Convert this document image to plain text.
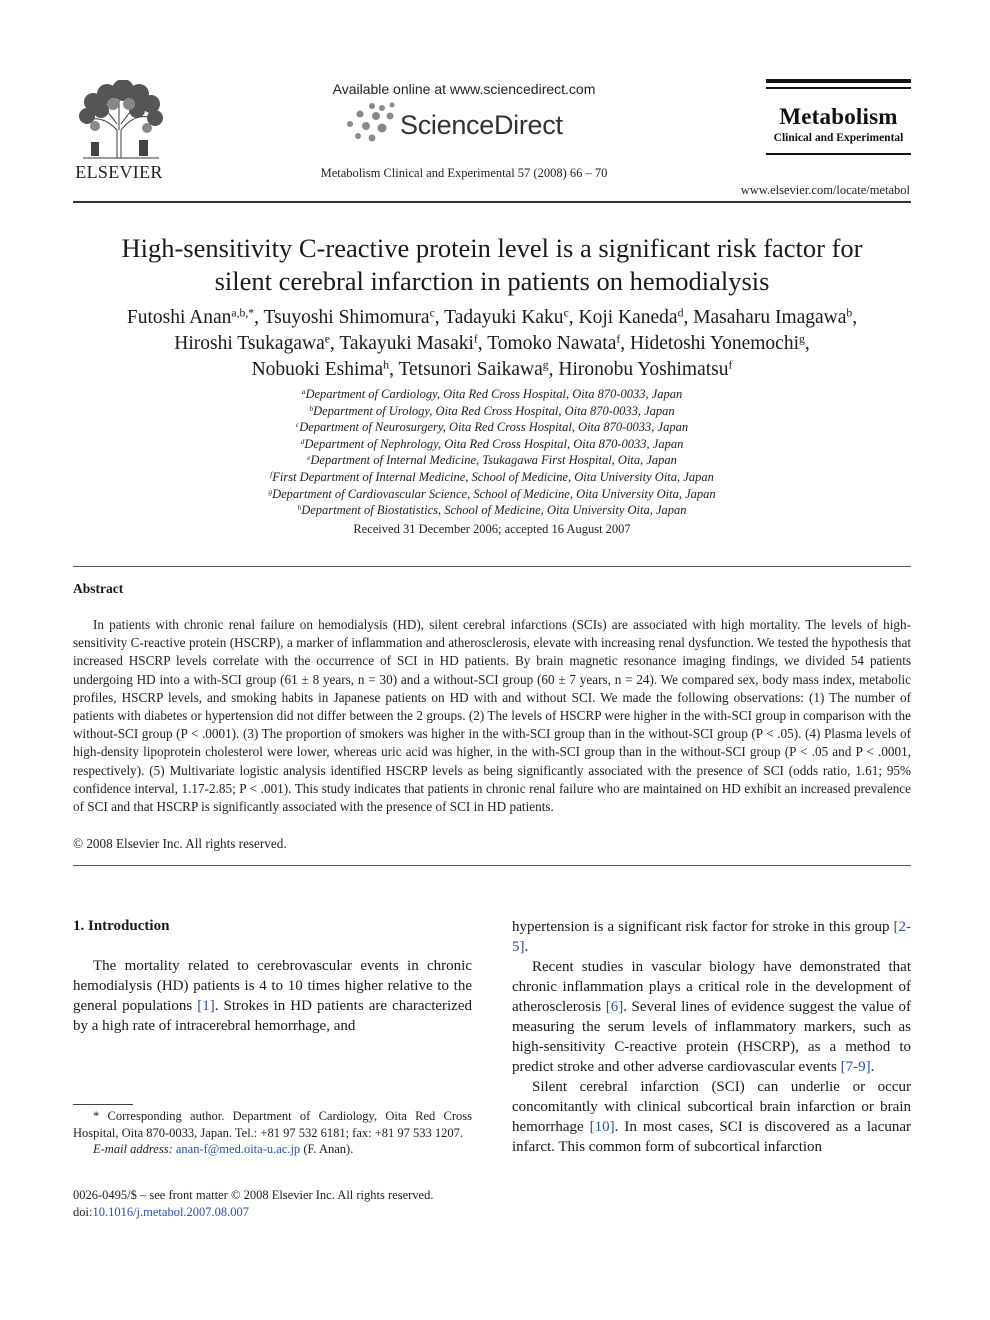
ELSEVIER
Available online at www.sciencedirect.com
ScienceDirect
Metabolism Clinical and Experimental 57 (2008) 66 – 70
Metabolism
Clinical and Experimental
www.elsevier.com/locate/metabol
High-sensitivity C-reactive protein level is a significant risk factor for
silent cerebral infarction in patients on hemodialysis
Futoshi Anan$^{a,b,*}$, Tsuyoshi Shimomura$^c$, Tadayuki Kaku$^c$, Koji Kaneda$^d$, Masaharu Imagawa$^b$,
Hiroshi Tsukagawa$^e$, Takayuki Masaki$^f$, Tomoko Nawata$^f$, Hidetoshi Yonemochi$^g$,
Nobuoki Eshima$^h$, Tetsunori Saikawa$^g$, Hironobu Yoshimatsu$^f$
$^a$Department of Cardiology, Oita Red Cross Hospital, Oita 870-0033, Japan
$^b$Department of Urology, Oita Red Cross Hospital, Oita 870-0033, Japan
$^c$Department of Neurosurgery, Oita Red Cross Hospital, Oita 870-0033, Japan
$^d$Department of Nephrology, Oita Red Cross Hospital, Oita 870-0033, Japan
$^e$Department of Internal Medicine, Tsukagawa First Hospital, Oita, Japan
$^f$First Department of Internal Medicine, School of Medicine, Oita University Oita, Japan
$^g$Department of Cardiovascular Science, School of Medicine, Oita University Oita, Japan
$^h$Department of Biostatistics, School of Medicine, Oita University Oita, Japan
Received 31 December 2006; accepted 16 August 2007
Abstract

In patients with chronic renal failure on hemodialysis (HD), silent cerebral infarctions (SCIs) are associated with high mortality. The levels of high-sensitivity C-reactive protein (HSCRP), a marker of inflammation and atherosclerosis, elevate with increasing renal dysfunction. We tested the hypothesis that increased HSCRP levels correlate with the occurrence of SCI in HD patients. By brain magnetic resonance imaging findings, we divided 54 patients undergoing HD into a with-SCI group (61 ± 8 years, n = 30) and a without-SCI group (60 ± 7 years, n = 24). We compared sex, body mass index, metabolic profiles, HSCRP levels, and smoking habits in Japanese patients on HD with and without SCI. We made the following observations: (1) The number of patients with diabetes or hypertension did not differ between the 2 groups. (2) The levels of HSCRP were higher in the with-SCI group in comparison with the without-SCI group (P < .0001). (3) The proportion of smokers was higher in the with-SCI group than in the without-SCI group (P < .05). (4) Plasma levels of high-density lipoprotein cholesterol were lower, whereas uric acid was higher, in the with-SCI group than in the without-SCI group (P < .05 and P < .0001, respectively). (5) Multivariate logistic analysis identified HSCRP levels as being significantly associated with the presence of SCI (odds ratio, 1.61; 95% confidence interval, 1.17-2.85; P < .001). This study indicates that patients in chronic renal failure who are maintained on HD exhibit an increased prevalence of SCI and that HSCRP is significantly associated with the presence of SCI in HD patients.

© 2008 Elsevier Inc. All rights reserved.
1. Introduction

The mortality related to cerebrovascular events in chronic hemodialysis (HD) patients is 4 to 10 times higher relative to the general populations [1]. Strokes in HD patients are characterized by a high rate of intracerebral hemorrhage, and

hypertension is a significant risk factor for stroke in this group [2-5].

Recent studies in vascular biology have demonstrated that chronic inflammation plays a critical role in the development of atherosclerosis [6]. Several lines of evidence suggest the value of measuring the serum levels of inflammatory markers, such as high-sensitivity C-reactive protein (HSCRP), as a method to predict stroke and other adverse cardiovascular events [7-9].

Silent cerebral infarction (SCI) can underlie or occur concomitantly with clinical subcortical brain infarction or brain hemorrhage [10]. In most cases, SCI is discovered as a lacunar infarct. This common form of subcortical infarction

* Corresponding author. Department of Cardiology, Oita Red Cross Hospital, Oita 870-0033, Japan. Tel.: +81 97 532 6181; fax: +81 97 533 1207.

E-mail address: anan-f@med.oita-u.ac.jp (F. Anan).

0026-0495/$ – see front matter © 2008 Elsevier Inc. All rights reserved.

doi:10.1016/j.metabol.2007.08.007
